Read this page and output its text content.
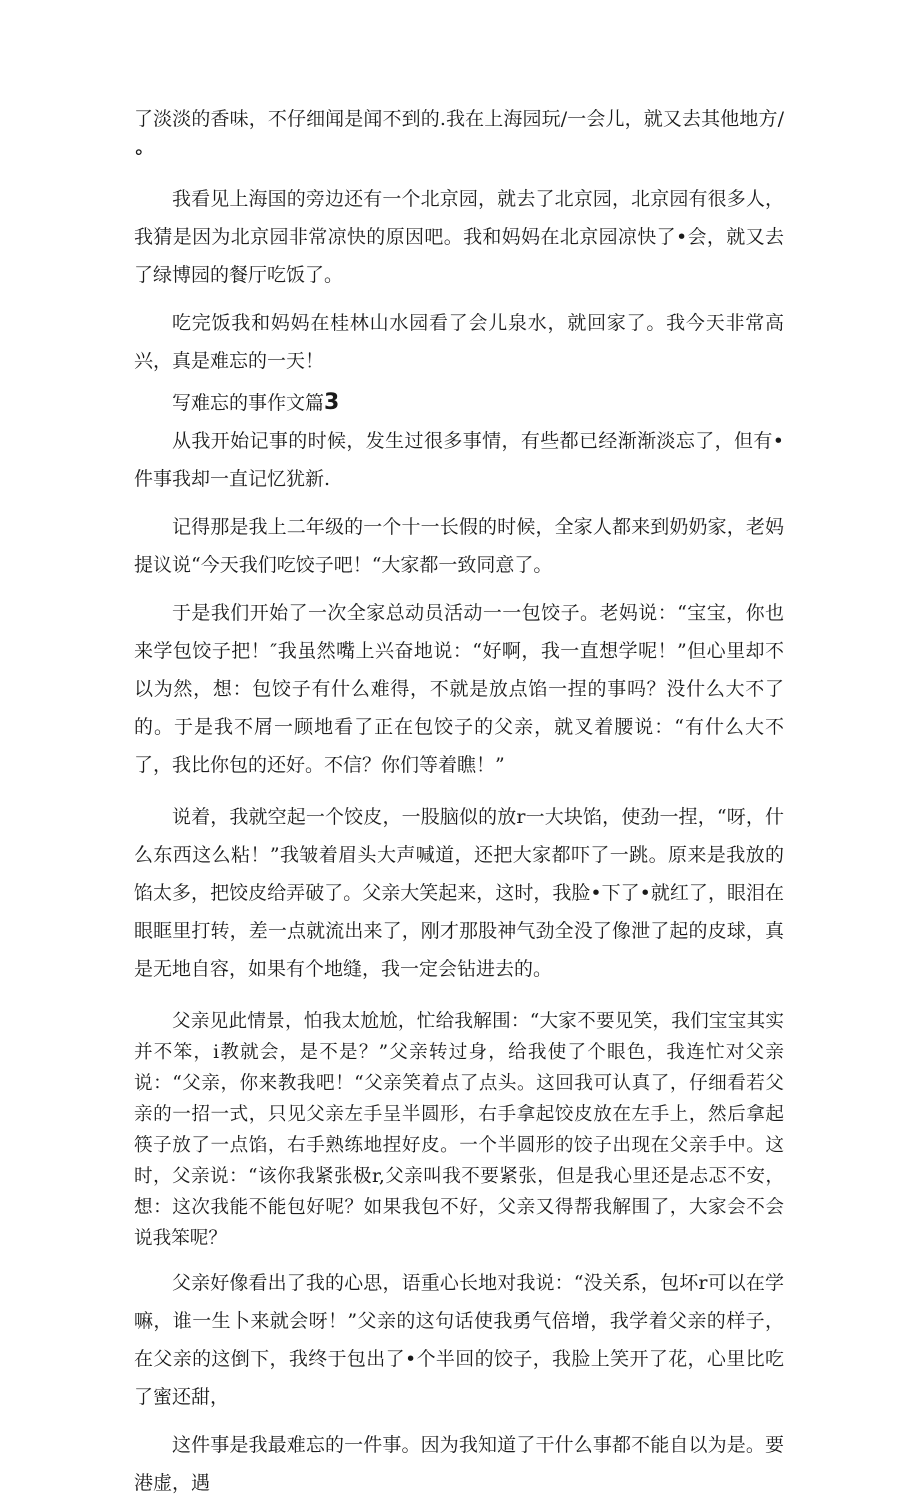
了淡淡的香味，不仔细闻是闻不到的.我在上海园玩/一会儿，就又去其他地方/°

我看见上海国的旁边还有一个北京园，就去了北京园，北京园有很多人，我猜是因为北京园非常凉快的原因吧。我和妈妈在北京园凉快了•会，就又去了绿博园的餐厅吃饭了。

吃完饭我和妈妈在桂林山水园看了会儿泉水，就回家了。我今天非常高兴，真是难忘的一天！

写难忘的事作文篇3

从我开始记事的时候，发生过很多事情，有些都已经渐渐淡忘了，但有•件事我却一直记忆犹新.

记得那是我上二年级的一个十一长假的时候，全家人都来到奶奶家，老妈提议说“今天我们吃饺子吧！“大家都一致同意了。

于是我们开始了一次全家总动员活动一一包饺子。老妈说：“宝宝，你也来学包饺子把！″我虽然嘴上兴奋地说：“好啊，我一直想学呢！”但心里却不以为然，想：包饺子有什么难得，不就是放点馅一捏的事吗？没什么大不了的。于是我不屑一顾地看了正在包饺子的父亲，就叉着腰说：“有什么大不了，我比你包的还好。不信？你们等着瞧！”

说着，我就空起一个饺皮，一股脑似的放r一大块馅，使劲一捏，“呀，什么东西这么粘！”我皱着眉头大声喊道，还把大家都吓了一跳。原来是我放的馅太多，把饺皮给弄破了。父亲大笑起来，这时，我脸•下了•就红了，眼泪在眼眶里打转，差一点就流出来了，刚才那股神气劲全没了像泄了起的皮球，真是无地自容，如果有个地缝，我一定会钻进去的。

父亲见此情景，怕我太尬尬，忙给我解围：“大家不要见笑，我们宝宝其实并不笨，i教就会，是不是？”父亲转过身，给我使了个眼色，我连忙对父亲说：“父亲，你来教我吧！“父亲笑着点了点头。这回我可认真了，仔细看若父亲的一招一式，只见父亲左手呈半圆形，右手拿起饺皮放在左手上，然后拿起筷子放了一点馅，右手熟练地捏好皮。一个半圆形的饺子出现在父亲手中。这时，父亲说：“该你我紧张极r,父亲叫我不要紧张，但是我心里还是忐忑不安，想：这次我能不能包好呢？如果我包不好，父亲又得帮我解围了，大家会不会说我笨呢？

父亲好像看出了我的心思，语重心长地对我说：“没关系，包坏r可以在学嘛，谁一生卜来就会呀！”父亲的这句话使我勇气倍增，我学着父亲的样子，在父亲的这倒下，我终于包出了•个半回的饺子，我脸上笑开了花，心里比吃了蜜还甜，

这件事是我最难忘的一件事。因为我知道了干什么事都不能自以为是。要港虚，遇
